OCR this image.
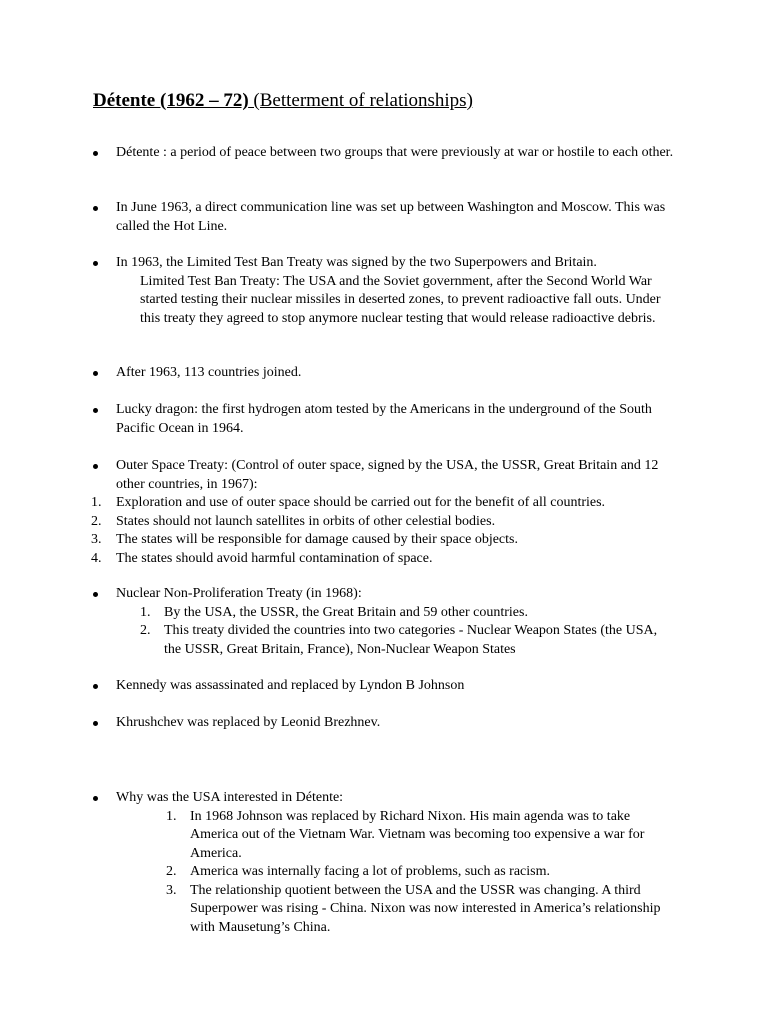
Détente (1962 – 72) (Betterment of relationships)
Détente : a period of peace between two groups that were previously at war or hostile to each other.
In June 1963, a direct communication line was set up between Washington and Moscow. This was called the Hot Line.
In 1963, the Limited Test Ban Treaty was signed by the two Superpowers and Britain.
Limited Test Ban Treaty: The USA and the Soviet government, after the Second World War started testing their nuclear missiles in deserted zones, to prevent radioactive fall outs. Under this treaty they agreed to stop anymore nuclear testing that would release radioactive debris.
After 1963, 113 countries joined.
Lucky dragon: the first hydrogen atom tested by the Americans in the underground of the South Pacific Ocean in 1964.
Outer Space Treaty: (Control of outer space, signed by the USA, the USSR, Great Britain and 12 other countries, in 1967):
1. Exploration and use of outer space should be carried out for the benefit of all countries.
2. States should not launch satellites in orbits of other celestial bodies.
3. The states will be responsible for damage caused by their space objects.
4. The states should avoid harmful contamination of space.
Nuclear Non-Proliferation Treaty (in 1968):
1. By the USA, the USSR, the Great Britain and 59 other countries.
2. This treaty divided the countries into two categories - Nuclear Weapon States (the USA, the USSR, Great Britain, France), Non-Nuclear Weapon States
Kennedy was assassinated and replaced by Lyndon B Johnson
Khrushchev was replaced by Leonid Brezhnev.
Why was the USA interested in Détente:
1. In 1968 Johnson was replaced by Richard Nixon. His main agenda was to take America out of the Vietnam War. Vietnam was becoming too expensive a war for America.
2. America was internally facing a lot of problems, such as racism.
3. The relationship quotient between the USA and the USSR was changing. A third Superpower was rising - China. Nixon was now interested in America’s relationship with Mausetung’s China.
